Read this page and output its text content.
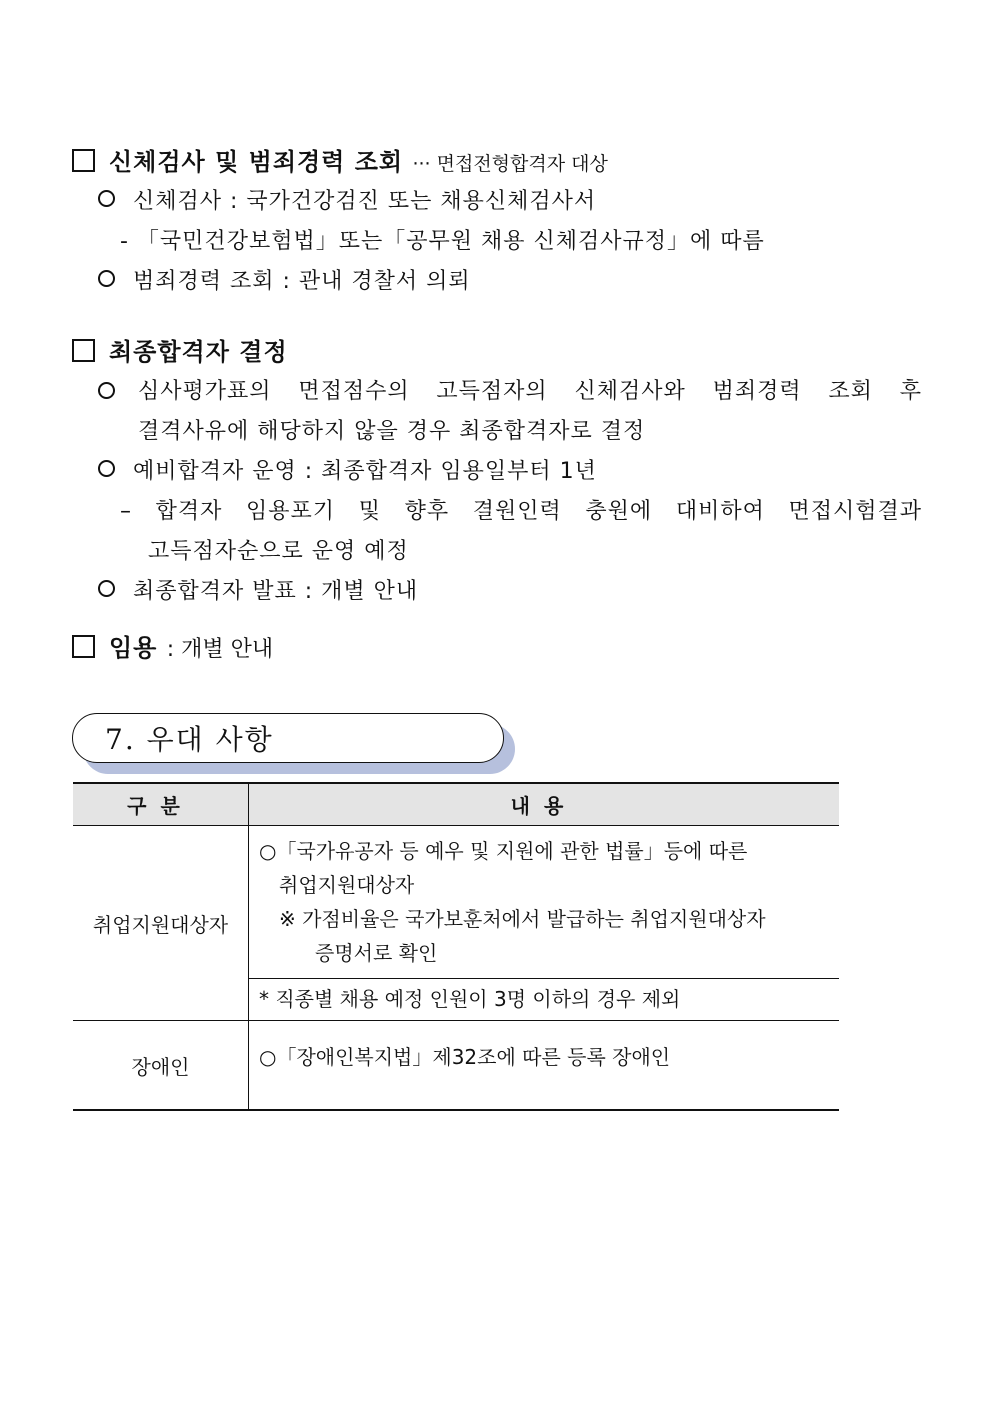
신체검사 및 범죄경력 조회 ··· 면접전형합격자 대상
신체검사 : 국가건강검진 또는 채용신체검사서
- 「국민건강보험법」또는「공무원 채용 신체검사규정」에 따름
범죄경력 조회 : 관내 경찰서 의뢰
최종합격자 결정
심사평가표의 면접점수의 고득점자의 신체검사와 범죄경력 조회 후
결격사유에 해당하지 않을 경우 최종합격자로 결정
예비합격자 운영 : 최종합격자 임용일부터 1년
– 합격자 임용포기 및 향후 결원인력 충원에 대비하여 면접시험결과
고득점자순으로 운영 예정
최종합격자 발표 : 개별 안내
임용 : 개별 안내
7. 우대 사항
구분	내용
취업지원대상자	○「국가유공자 등 예우 및 지원에 관한 법률」등에 따른
취업지원대상자
※ 가점비율은 국가보훈처에서 발급하는 취업지원대상자
증명서로 확인

	* 직종별 채용 예정 인원이 3명 이하의 경우 제외

장애인	○「장애인복지법」제32조에 따른 등록 장애인
